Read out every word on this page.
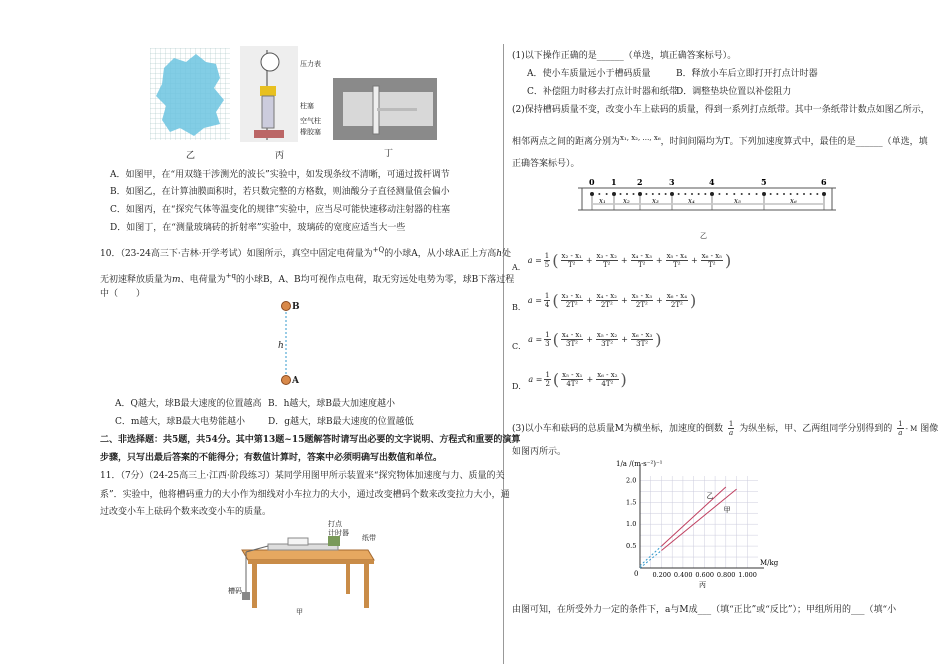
乙
压力表
柱塞
空气柱
橡胶塞
丙	丁
A．如图甲，在“用双缝干涉测光的波长”实验中，如发现条纹不清晰，可通过拨杆调节
B．如图乙，在计算油膜面积时，若只数完整的方格数，则油酸分子直径测量值会偏小
C．如图丙，在“探究气体等温变化的规律”实验中，应当尽可能快速移动注射器的柱塞
D．如图丁，在“测量玻璃砖的折射率”实验中，玻璃砖的宽度应适当大一些
10．（23-24高三下·吉林·开学考试）如图所示，真空中固定电荷量为$^{+Q}$的小球A，从小球A正上方高h处
无初速释放质量为m、电荷量为$^{+q}$的小球B，A、B均可视作点电荷，取无穷远处电势为零，球B下落过程
中（　　）
B
h
A
A．Q越大，球B最大速度的位置越高 B．h越大，球B最大加速度越小
C．m越大，球B最大电势能越小	D．g越大，球B最大速度的位置越低
二、非选择题：共5题，共54分。其中第13题~15题解答时请写出必要的文字说明、方程式和重要的演算
步骤，只写出最后答案的不能得分；有数值计算时，答案中必须明确写出数值和单位。
11．（7分）（24-25高三上·江西·阶段练习）某同学用图甲所示装置来“探究物体加速度与力、质量的关
系”．实验中，他将槽码重力的大小作为细线对小车拉力的大小，通过改变槽码个数来改变拉力大小，通
过改变小车上砝码个数来改变小车的质量。
打点
计时器
纸带
槽码
甲
(1)以下操作正确的是______（单选，填正确答案标号）。
A．使小车质量远小于槽码质量	B．释放小车后立即打开打点计时器
C．补偿阻力时移去打点计时器和纸带
D．调整垫块位置以补偿阻力
(2)保持槽码质量不变，改变小车上砝码的质量，得到一系列打点纸带。其中一条纸带计数点如图乙所示，
相邻两点之间的距离分别为$^{x_1, x_2, \dots, x_6}$，时间间隔均为T。下列加速度算式中，最佳的是______（单选，填
正确答案标号）。
0 1	2	3	4	5	6
x₁ x₂	x₃	x₄	x₅	x₆
乙
A．
$a = \frac{1}{5}$ ( $\frac{\text{x₂ - x₁}}{\text{T²}} + \frac{\text{x₃ - x₂}}{\text{T²}} + \frac{\text{x₄ - x₃}}{\text{T²}} + \frac{\text{x₅ - x₄}}{\text{T²}} + \frac{\text{x₆ - x₅}}{\text{T²}}$ )
B．
$a = \frac{1}{4}$ ( $\frac{\text{x₃ - x₁}}{\text{2T²}} + \frac{\text{x₄ - x₂}}{\text{2T²}} + \frac{\text{x₅ - x₃}}{\text{2T²}} + \frac{\text{x₆ - x₄}}{\text{2T²}}$ )
C．
$a = \frac{1}{3}$ ( $\frac{\text{x₄ - x₁}}{\text{3T²}} + \frac{\text{x₅ - x₂}}{\text{3T²}} + \frac{\text{x₆ - x₃}}{\text{3T²}}$ )
D．
$a = \frac{1}{2}$ ( $\frac{\text{x₅ - x₁}}{\text{4T²}} + \frac{\text{x₆ - x₂}}{\text{4T²}}$ )
(3)以小车和砝码的总质量M为横坐标，加速度的倒数 $\frac{1}{a}$ 为纵坐标，甲、乙两组同学分别得到的 $\frac{1}{a}$ - M 图像
如图丙所示。
1/a /(m·s⁻²)⁻¹
M/kg
0 0.200 0.400 0.600 0.800 1.000
0.5
1.0
1.5
2.0
乙
甲
丙
由图可知，在所受外力一定的条件下，a与M成___（填“正比”或“反比”）；甲组所用的___（填“小
